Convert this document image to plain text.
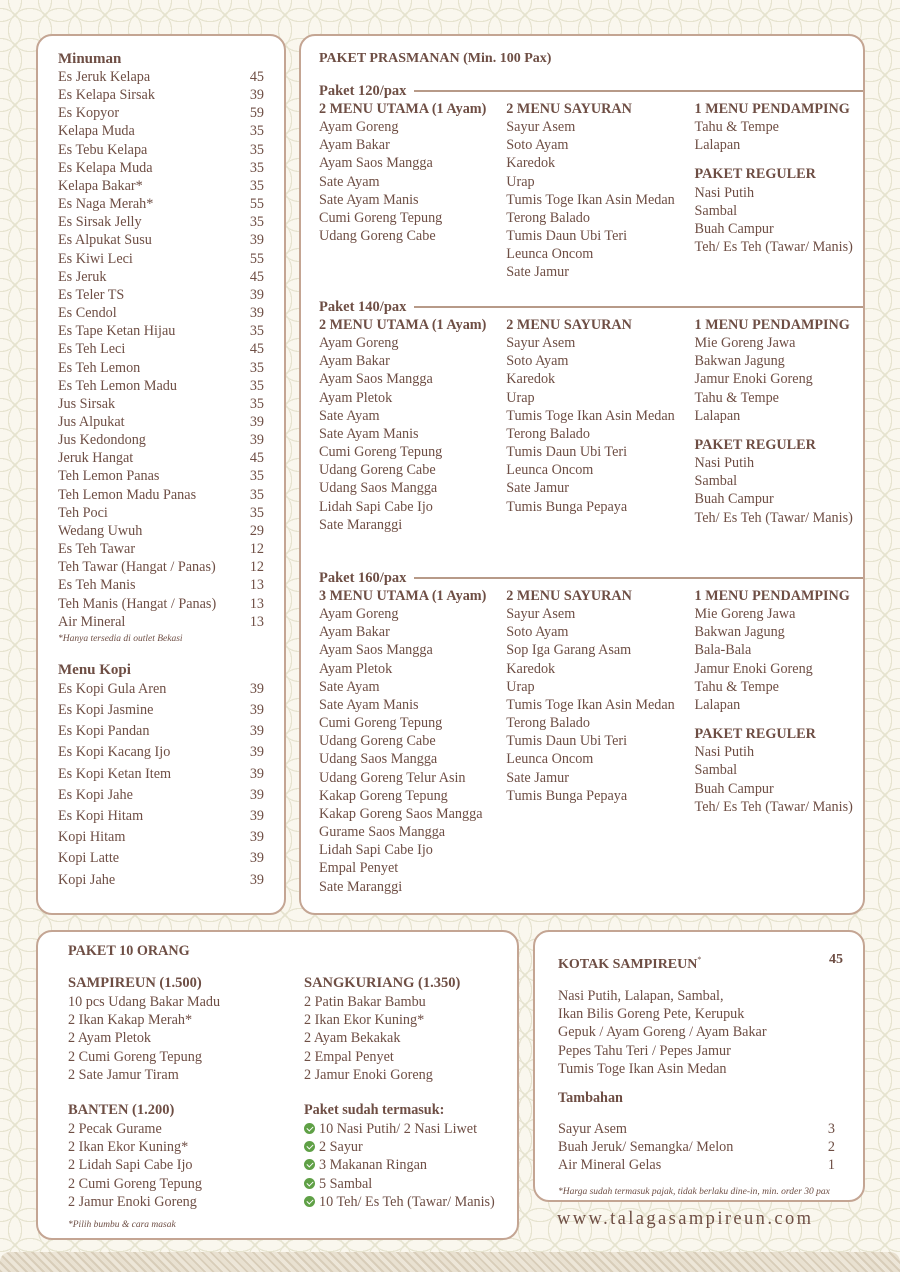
Minuman
Es Jeruk Kelapa	45
Es Kelapa Sirsak	39
Es Kopyor	59
Kelapa Muda	35
Es Tebu Kelapa	35
Es Kelapa Muda	35
Kelapa Bakar*	35
Es Naga Merah*	55
Es Sirsak Jelly	35
Es Alpukat Susu	39
Es Kiwi Leci	55
Es Jeruk	45
Es Teler TS	39
Es Cendol	39
Es Tape Ketan Hijau	35
Es Teh Leci	45
Es Teh Lemon	35
Es Teh Lemon Madu	35
Jus Sirsak	35
Jus Alpukat	39
Jus Kedondong	39
Jeruk Hangat	45
Teh Lemon Panas	35
Teh Lemon Madu Panas	35
Teh Poci	35
Wedang Uwuh	29
Es Teh Tawar	12
Teh Tawar (Hangat / Panas) 12
Es Teh Manis	13
Teh Manis (Hangat / Panas) 13
Air Mineral	13
*Hanya tersedia di outlet Bekasi
Menu Kopi
Es Kopi Gula Aren	39
Es Kopi Jasmine	39
Es Kopi Pandan	39
Es Kopi Kacang Ijo	39
Es Kopi Ketan Item	39
Es Kopi Jahe	39
Es Kopi Hitam	39
Kopi Hitam	39
Kopi Latte	39
Kopi Jahe	39
PAKET PRASMANAN (Min. 100 Pax)
Paket 120/pax
2 MENU UTAMA (1 Ayam)
Ayam Goreng
Ayam Bakar
Ayam Saos Mangga
Sate Ayam
Sate Ayam Manis
Cumi Goreng Tepung
Udang Goreng Cabe
2 MENU SAYURAN
Sayur Asem
Soto Ayam
Karedok
Urap
Tumis Toge Ikan Asin Medan
Terong Balado
Tumis Daun Ubi Teri
Leunca Oncom
Sate Jamur
1 MENU PENDAMPING
Tahu & Tempe
Lalapan
PAKET REGULER
Nasi Putih
Sambal
Buah Campur
Teh/ Es Teh (Tawar/ Manis)
Paket 140/pax
2 MENU UTAMA (1 Ayam)
Ayam Goreng
Ayam Bakar
Ayam Saos Mangga
Ayam Pletok
Sate Ayam
Sate Ayam Manis
Cumi Goreng Tepung
Udang Goreng Cabe
Udang Saos Mangga
Lidah Sapi Cabe Ijo
Sate Maranggi
2 MENU SAYURAN
Sayur Asem
Soto Ayam
Karedok
Urap
Tumis Toge Ikan Asin Medan
Terong Balado
Tumis Daun Ubi Teri
Leunca Oncom
Sate Jamur
Tumis Bunga Pepaya
1 MENU PENDAMPING
Mie Goreng Jawa
Bakwan Jagung
Jamur Enoki Goreng
Tahu & Tempe
Lalapan
PAKET REGULER
Nasi Putih
Sambal
Buah Campur
Teh/ Es Teh (Tawar/ Manis)
Paket 160/pax
3 MENU UTAMA (1 Ayam)
Ayam Goreng
Ayam Bakar
Ayam Saos Mangga
Ayam Pletok
Sate Ayam
Sate Ayam Manis
Cumi Goreng Tepung
Udang Goreng Cabe
Udang Saos Mangga
Udang Goreng Telur Asin
Kakap Goreng Tepung
Kakap Goreng Saos Mangga
Gurame Saos Mangga
Lidah Sapi Cabe Ijo
Empal Penyet
Sate Maranggi
2 MENU SAYURAN
Sayur Asem
Soto Ayam
Sop Iga Garang Asam
Karedok
Urap
Tumis Toge Ikan Asin Medan
Terong Balado
Tumis Daun Ubi Teri
Leunca Oncom
Sate Jamur
Tumis Bunga Pepaya
1 MENU PENDAMPING
Mie Goreng Jawa
Bakwan Jagung
Bala-Bala
Jamur Enoki Goreng
Tahu & Tempe
Lalapan
PAKET REGULER
Nasi Putih
Sambal
Buah Campur
Teh/ Es Teh (Tawar/ Manis)
PAKET 10 ORANG
SAMPIREUN (1.500)
10 pcs Udang Bakar Madu
2 Ikan Kakap Merah*
2 Ayam Pletok
2 Cumi Goreng Tepung
2 Sate Jamur Tiram
BANTEN (1.200)
2 Pecak Gurame
2 Ikan Ekor Kuning*
2 Lidah Sapi Cabe Ijo
2 Cumi Goreng Tepung
2 Jamur Enoki Goreng
SANGKURIANG (1.350)
2 Patin Bakar Bambu
2 Ikan Ekor Kuning*
2 Ayam Bekakak
2 Empal Penyet
2 Jamur Enoki Goreng
Paket sudah termasuk:
10 Nasi Putih/ 2 Nasi Liwet
2 Sayur
3 Makanan Ringan
5 Sambal
10 Teh/ Es Teh (Tawar/ Manis)
*Pilih bumbu & cara masak
KOTAK SAMPIREUN*	45
Nasi Putih, Lalapan, Sambal,
Ikan Bilis Goreng Pete, Kerupuk
Gepuk / Ayam Goreng / Ayam Bakar
Pepes Tahu Teri / Pepes Jamur
Tumis Toge Ikan Asin Medan
Tambahan
Sayur Asem	3
Buah Jeruk/ Semangka/ Melon	2
Air Mineral Gelas	1
*Harga sudah termasuk pajak, tidak berlaku dine-in, min. order 30 pax
www.talagasampireun.com
